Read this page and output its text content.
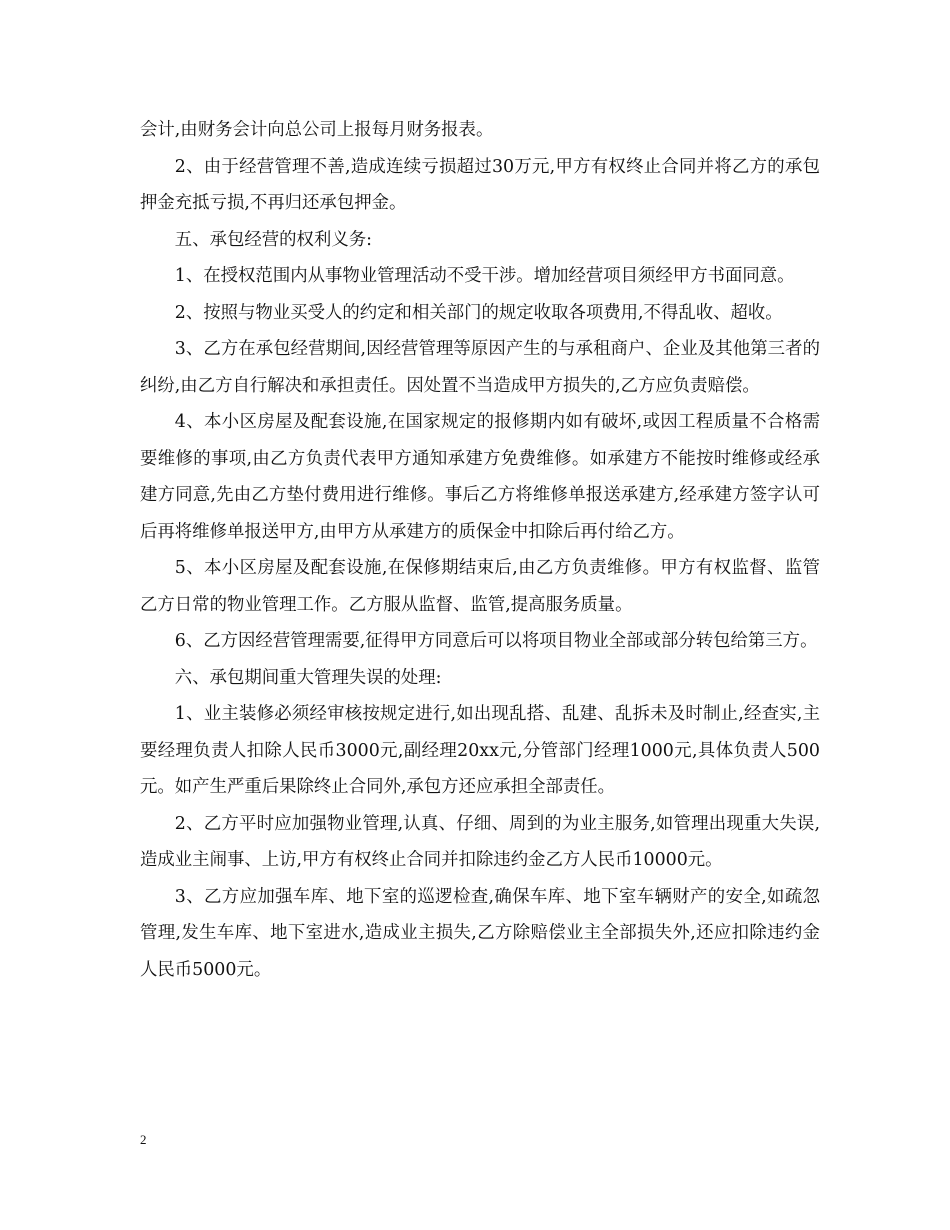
会计,由财务会计向总公司上报每月财务报表。

2、由于经营管理不善,造成连续亏损超过30万元,甲方有权终止合同并将乙方的承包押金充抵亏损,不再归还承包押金。

五、承包经营的权利义务:

1、在授权范围内从事物业管理活动不受干涉。增加经营项目须经甲方书面同意。

2、按照与物业买受人的约定和相关部门的规定收取各项费用,不得乱收、超收。

3、乙方在承包经营期间,因经营管理等原因产生的与承租商户、企业及其他第三者的纠纷,由乙方自行解决和承担责任。因处置不当造成甲方损失的,乙方应负责赔偿。

4、本小区房屋及配套设施,在国家规定的报修期内如有破坏,或因工程质量不合格需要维修的事项,由乙方负责代表甲方通知承建方免费维修。如承建方不能按时维修或经承建方同意,先由乙方垫付费用进行维修。事后乙方将维修单报送承建方,经承建方签字认可后再将维修单报送甲方,由甲方从承建方的质保金中扣除后再付给乙方。

5、本小区房屋及配套设施,在保修期结束后,由乙方负责维修。甲方有权监督、监管乙方日常的物业管理工作。乙方服从监督、监管,提高服务质量。

6、乙方因经营管理需要,征得甲方同意后可以将项目物业全部或部分转包给第三方。

六、承包期间重大管理失误的处理:

1、业主装修必须经审核按规定进行,如出现乱搭、乱建、乱拆未及时制止,经查实,主要经理负责人扣除人民币3000元,副经理20xx元,分管部门经理1000元,具体负责人500元。如产生严重后果除终止合同外,承包方还应承担全部责任。

2、乙方平时应加强物业管理,认真、仔细、周到的为业主服务,如管理出现重大失误,造成业主闹事、上访,甲方有权终止合同并扣除违约金乙方人民币10000元。

3、乙方应加强车库、地下室的巡逻检查,确保车库、地下室车辆财产的安全,如疏忽管理,发生车库、地下室进水,造成业主损失,乙方除赔偿业主全部损失外,还应扣除违约金人民币5000元。

2
